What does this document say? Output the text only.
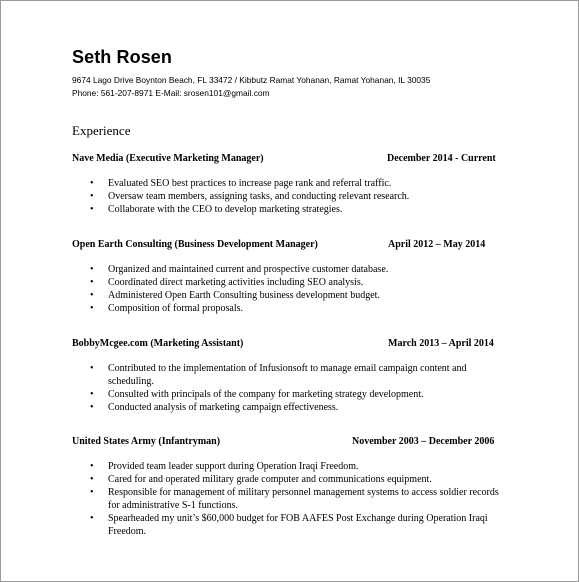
Seth Rosen
9674 Lago Drive Boynton Beach, FL 33472 / Kibbutz Ramat Yohanan, Ramat Yohanan, IL 30035
Phone: 561-207-8971 E-Mail: srosen101@gmail.com
Experience
Nave Media (Executive Marketing Manager)	December 2014 - Current
• Evaluated SEO best practices to increase page rank and referral traffic.
• Oversaw team members, assigning tasks, and conducting relevant research.
• Collaborate with the CEO to develop marketing strategies.
Open Earth Consulting (Business Development Manager)	April 2012 – May 2014
• Organized and maintained current and prospective customer database.
• Coordinated direct marketing activities including SEO analysis.
• Administered Open Earth Consulting business development budget.
• Composition of formal proposals.
BobbyMcgee.com (Marketing Assistant)	March 2013 – April 2014
• Contributed to the implementation of Infusionsoft to manage email campaign content and scheduling.
• Consulted with principals of the company for marketing strategy development.
• Conducted analysis of marketing campaign effectiveness.
United States Army (Infantryman)	November 2003 – December 2006
• Provided team leader support during Operation Iraqi Freedom.
• Cared for and operated military grade computer and communications equipment.
• Responsible for management of military personnel management systems to access soldier records for administrative S-1 functions.
• Spearheaded my unit’s $60,000 budget for FOB AAFES Post Exchange during Operation Iraqi Freedom.
